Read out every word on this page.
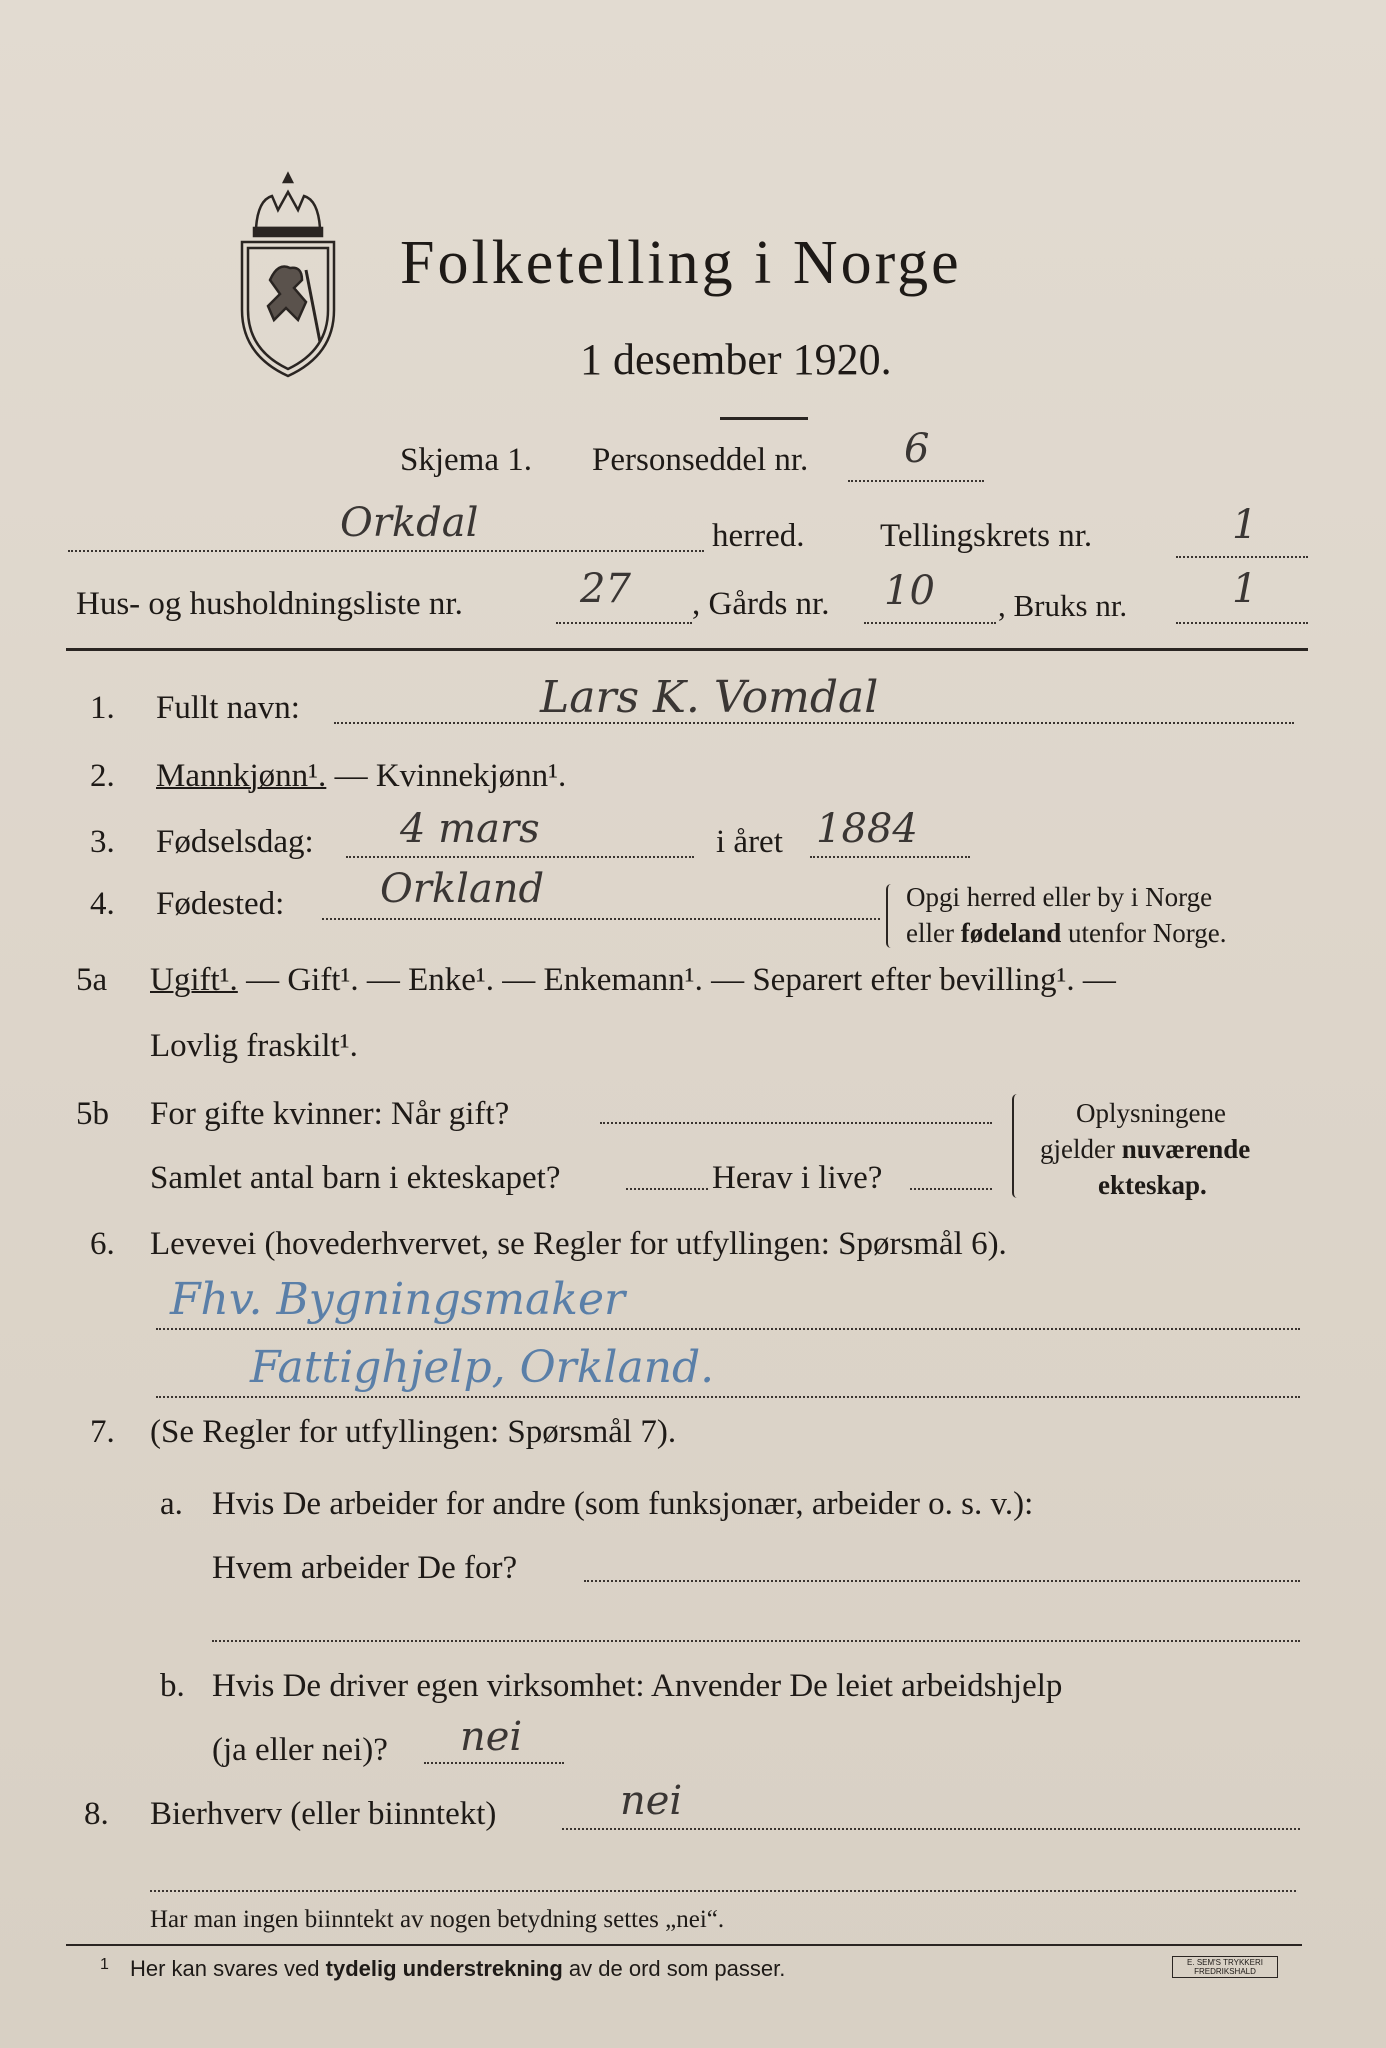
Folketelling i Norge
1 desember 1920.
Skjema 1. Personseddel nr. 6
Orkdal	herred. Tellingskrets nr.	1
Hus- og husholdningsliste nr.	27 , Gårds nr. 10 , Bruks nr.	1
1. Fullt navn:	Lars K. Vomdal
2. Mannkjønn¹. — Kvinnekjønn¹.
3. Fødselsdag: 4 mars	i året 1884
4. Fødested: Orkland	Opgi herred eller by i Norge
eller fødeland utenfor Norge.
5a Ugift¹. — Gift¹. — Enke¹. — Enkemann¹. — Separert efter bevilling¹. —
Lovlig fraskilt¹.
5b For gifte kvinner: Når gift?
Samlet antal barn i ekteskapet?	Herav i live?
Oplysningene
gjelder nuværende
ekteskap.
6. Levevei (hovederhvervet, se Regler for utfyllingen: Spørsmål 6).
Fhv. Bygningsmaker
Fattighjelp, Orkland.
7. (Se Regler for utfyllingen: Spørsmål 7).
a. Hvis De arbeider for andre (som funksjonær, arbeider o. s. v.):
Hvem arbeider De for?
b. Hvis De driver egen virksomhet: Anvender De leiet arbeidshjelp
(ja eller nei)? nei
8. Bierhverv (eller biinntekt)	nei
Har man ingen biinntekt av nogen betydning settes „nei“.
1 Her kan svares ved tydelig understrekning av de ord som passer.	E. SEM'S TRYKKERI
FREDRIKSHALD
